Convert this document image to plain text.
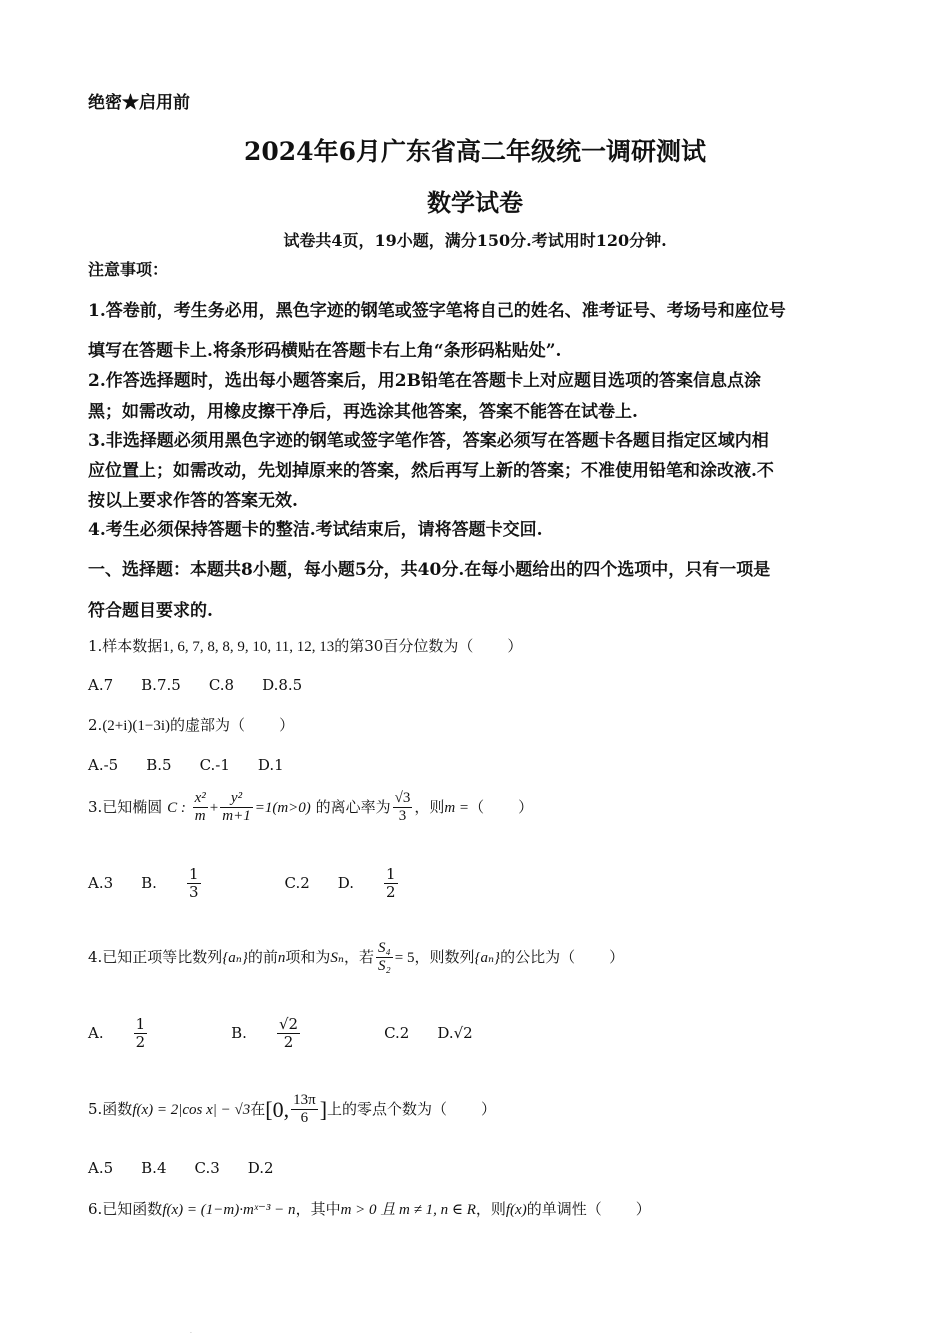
绝密★启用前
2024年6月广东省高二年级统一调研测试
数学试卷
试卷共4页，19小题，满分150分.考试用时120分钟.
注意事项：
1.答卷前，考生务必用，黑色字迹的钢笔或签字笔将自己的姓名、准考证号、考场号和座位号
填写在答题卡上.将条形码横贴在答题卡右上角“条形码粘贴处”.
2.作答选择题时，选出每小题答案后，用2B铅笔在答题卡上对应题目选项的答案信息点涂
黑；如需改动，用橡皮擦干净后，再选涂其他答案，答案不能答在试卷上.
3.非选择题必须用黑色字迹的钢笔或签字笔作答，答案必须写在答题卡各题目指定区域内相
应位置上；如需改动，先划掉原来的答案，然后再写上新的答案；不准使用铅笔和涂改液.不
按以上要求作答的答案无效.
4.考生必须保持答题卡的整洁.考试结束后，请将答题卡交回.
一、选择题：本题共8小题，每小题5分，共40分.在每小题给出的四个选项中，只有一项是
符合题目要求的.
1.样本数据1, 6, 7, 8, 8, 9, 10, 11, 12, 13的第30百分位数为（ ）
A.7 B.7.5 C.8 D.8.5
2.(2+i)(1−3i)的虚部为（ ）
A.-5 B.5 C.-1 D.1
3.已知椭圆 C : $\frac{\text{x²}}{m} + \frac{\text{y²}}{m+1} =1(m>0)$ 的离心率为 $\frac{√3}{3}$ ，则m =（ ）
A.3 B. $\frac{1}{3}$	C.2 D. $\frac{1}{2}$
4.已知正项等比数列{aₙ}的前n项和为Sₙ，若 $\frac{\text{S₄}}{\text{S₂}} = 5$，则数列{aₙ}的公比为（ ）
A. $\frac{1}{2}$	B. $\frac{√2}{2}$	C.2 D.√2
5.函数f(x) = 2|cos x| − √3在[0, $\frac{13\pi}{6}$ ]上的零点个数为（ ）
A.5 B.4 C.3 D.2
6.已知函数f(x) = (1−m)·mˣ⁻³ − n，其中m > 0 且 m ≠ 1, n ∈ R，则f(x)的单调性（ ）
.
